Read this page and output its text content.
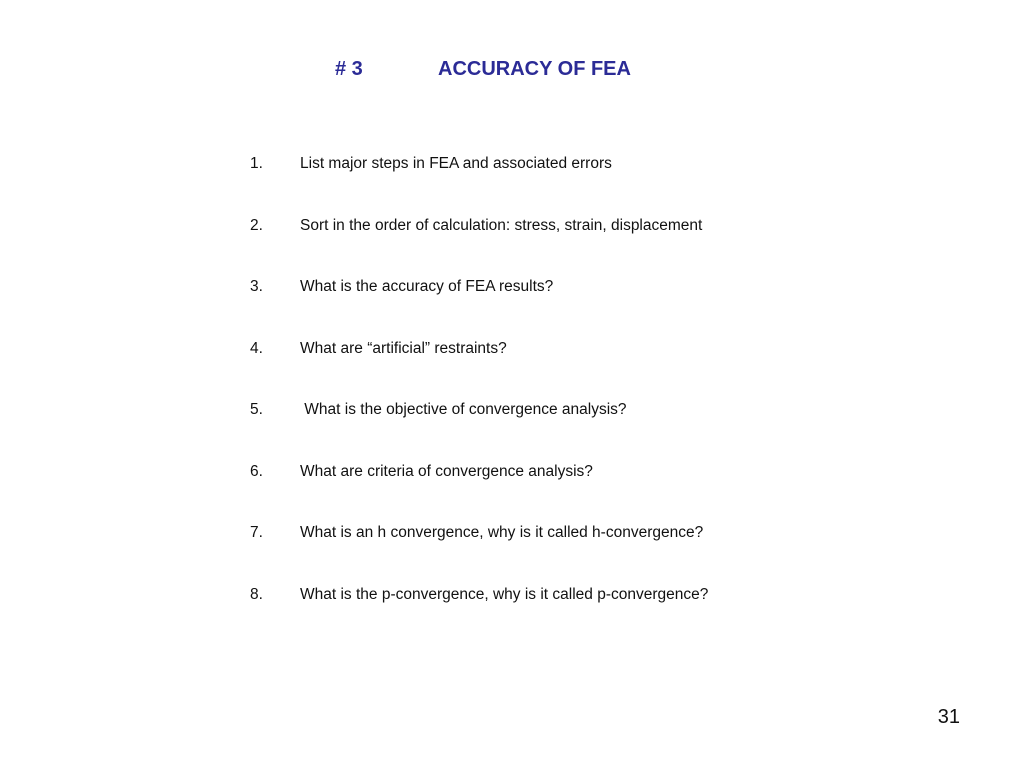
# 3	ACCURACY OF FEA
1. List major steps in FEA and associated errors
2. Sort in the order of calculation: stress, strain, displacement
3. What is the accuracy of FEA results?
4. What are “artificial” restraints?
5. What is the objective of convergence analysis?
6. What are criteria of convergence analysis?
7. What is an h convergence, why is it called h-convergence?
8. What is the p-convergence, why is it called p-convergence?
31
